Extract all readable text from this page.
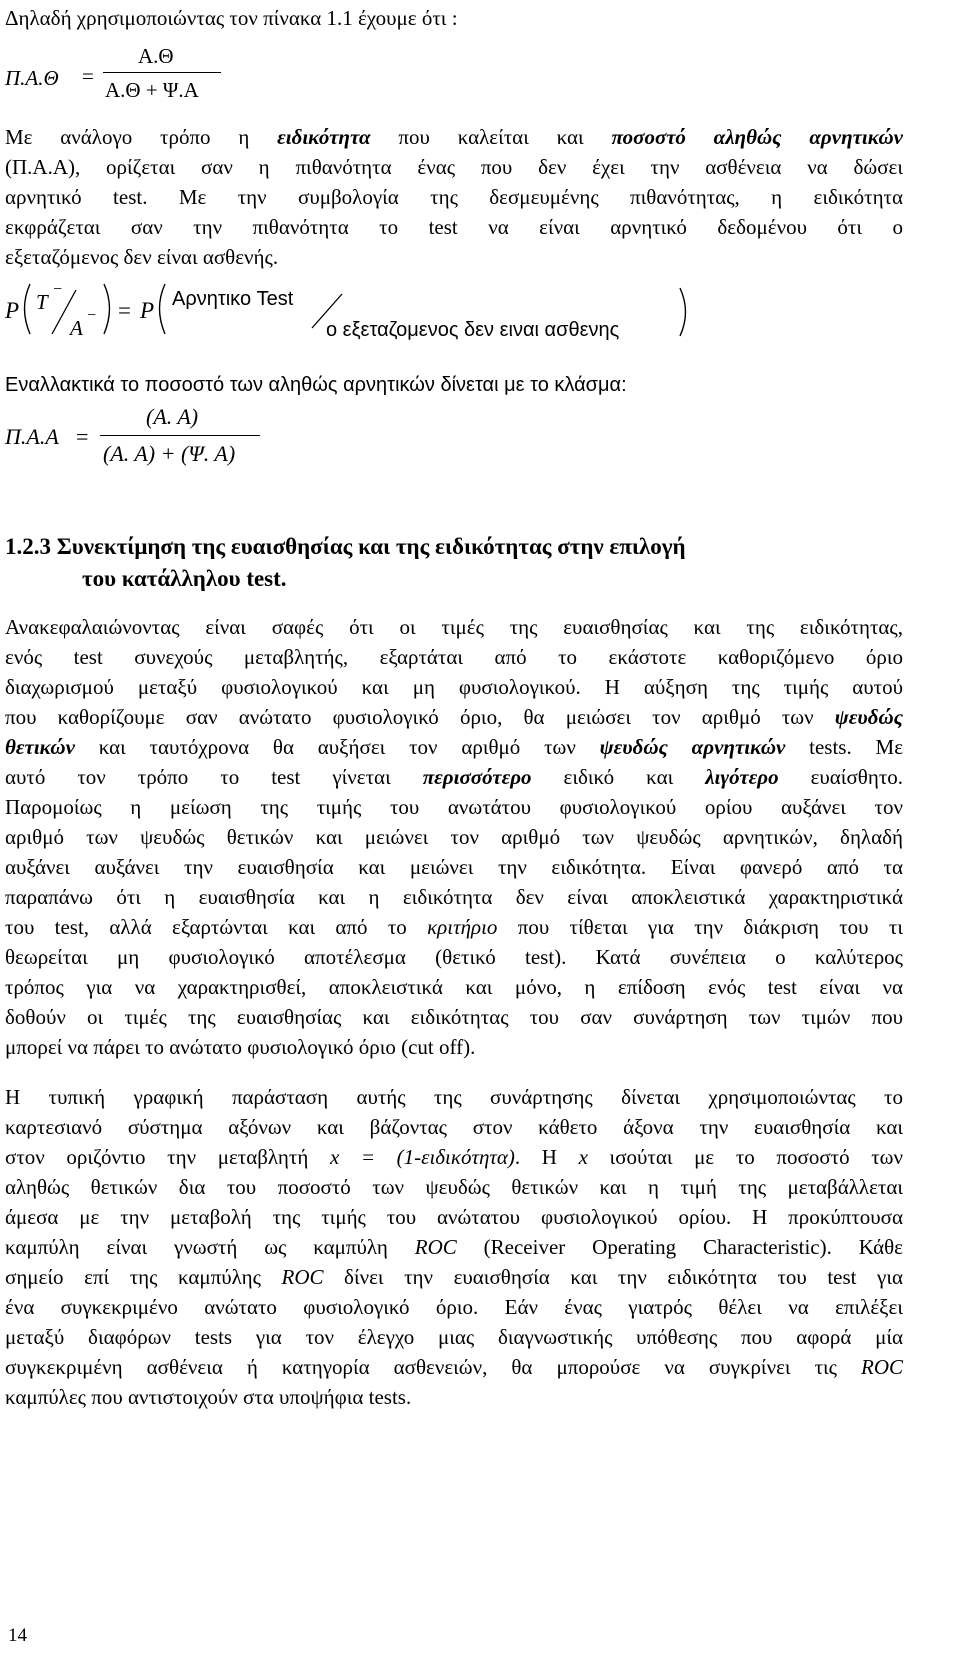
Δηλαδή χρησιμοποιώντας τον πίνακα 1.1 έχουμε ότι :
Π.Α.Θ =
Α.Θ
Α.Θ + Ψ.Α
Με ανάλογο τρόπο η ειδικότητα που καλείται και ποσοστό αληθώς αρνητικών
(Π.Α.Α), ορίζεται σαν η πιθανότητα ένας που δεν έχει την ασθένεια να δώσει
αρνητικό test. Με την συμβολογία της δεσμευμένης πιθανότητας, η ειδικότητα
εκφράζεται σαν την πιθανότητα το test να είναι αρνητικό δεδομένου ότι ο
εξεταζόμενος δεν είναι ασθενής.
P T
−
A
− = P Αρνητικο Test
ο εξεταζομενος δεν ειναι ασθενης
Εναλλακτικά το ποσοστό των αληθώς αρνητικών δίνεται με το κλάσμα:
Π.Α.Α =
(Α. Α)
(Α. Α) + (Ψ. Α)
1.2.3 Συνεκτίμηση της ευαισθησίας και της ειδικότητας στην επιλογή
του κατάλληλου test.
Ανακεφαλαιώνοντας είναι σαφές ότι οι τιμές της ευαισθησίας και της ειδικότητας,
ενός test συνεχούς μεταβλητής, εξαρτάται από το εκάστοτε καθοριζόμενο όριο
διαχωρισμού μεταξύ φυσιολογικού και μη φυσιολογικού. Η αύξηση της τιμής αυτού
που καθορίζουμε σαν ανώτατο φυσιολογικό όριο, θα μειώσει τον αριθμό των ψευδώς
θετικών και ταυτόχρονα θα αυξήσει τον αριθμό των ψευδώς αρνητικών tests. Με
αυτό τον τρόπο το test γίνεται περισσότερο ειδικό και λιγότερο ευαίσθητο.
Παρομοίως η μείωση της τιμής του ανωτάτου φυσιολογικού ορίου αυξάνει τον
αριθμό των ψευδώς θετικών και μειώνει τον αριθμό των ψευδώς αρνητικών, δηλαδή
αυξάνει αυξάνει την ευαισθησία και μειώνει την ειδικότητα. Είναι φανερό από τα
παραπάνω ότι η ευαισθησία και η ειδικότητα δεν είναι αποκλειστικά χαρακτηριστικά
του test, αλλά εξαρτώνται και από το κριτήριο που τίθεται για την διάκριση του τι
θεωρείται μη φυσιολογικό αποτέλεσμα (θετικό test). Κατά συνέπεια ο καλύτερος
τρόπος για να χαρακτηρισθεί, αποκλειστικά και μόνο, η επίδοση ενός test είναι να
δοθούν οι τιμές της ευαισθησίας και ειδικότητας του σαν συνάρτηση των τιμών που
μπορεί να πάρει το ανώτατο φυσιολογικό όριο (cut off).
Η τυπική γραφική παράσταση αυτής της συνάρτησης δίνεται χρησιμοποιώντας το
καρτεσιανό σύστημα αξόνων και βάζοντας στον κάθετο άξονα την ευαισθησία και
στον οριζόντιο την μεταβλητή x = (1-ειδικότητα). Η x ισούται με το ποσοστό των
αληθώς θετικών δια του ποσοστό των ψευδώς θετικών και η τιμή της μεταβάλλεται
άμεσα με την μεταβολή της τιμής του ανώτατου φυσιολογικού ορίου. Η προκύπτουσα
καμπύλη είναι γνωστή ως καμπύλη ROC (Receiver Operating Characteristic). Κάθε
σημείο επί της καμπύλης ROC δίνει την ευαισθησία και την ειδικότητα του test για
ένα συγκεκριμένο ανώτατο φυσιολογικό όριο. Εάν ένας γιατρός θέλει να επιλέξει
μεταξύ διαφόρων tests για τον έλεγχο μιας διαγνωστικής υπόθεσης που αφορά μία
συγκεκριμένη ασθένεια ή κατηγορία ασθενειών, θα μπορούσε να συγκρίνει τις ROC
καμπύλες που αντιστοιχούν στα υποψήφια tests.
14
